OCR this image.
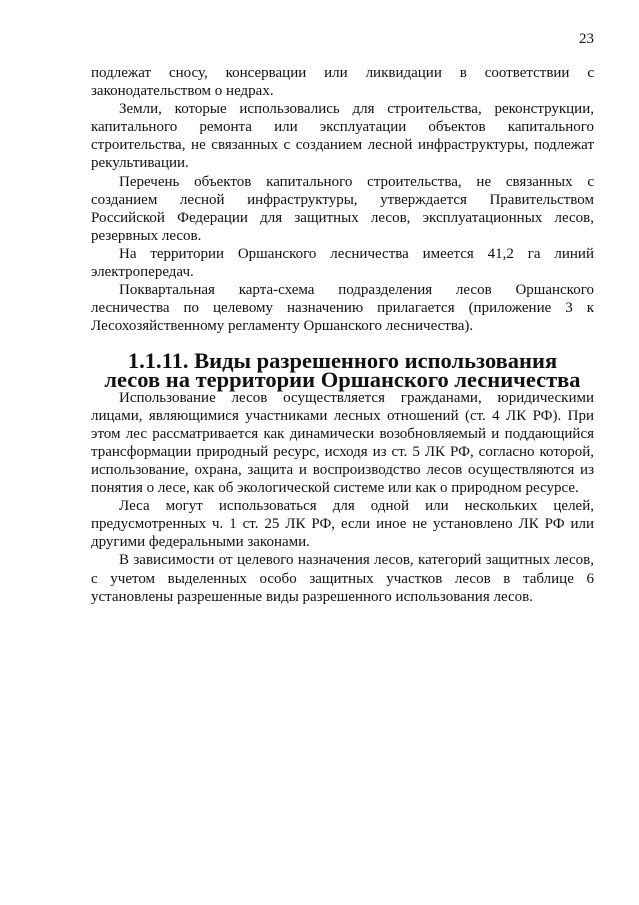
23

подлежат сносу, консервации или ликвидации в соответствии с законодательством о недрах.

Земли, которые использовались для строительства, реконструкции, капитального ремонта или эксплуатации объектов капитального строительства, не связанных с созданием лесной инфраструктуры, подлежат рекультивации.

Перечень объектов капитального строительства, не связанных с созданием лесной инфраструктуры, утверждается Правительством Российской Федерации для защитных лесов, эксплуатационных лесов, резервных лесов.

На территории Оршанского лесничества имеется 41,2 га линий электропередач.

Поквартальная карта-схема подразделения лесов Оршанского лесничества по целевому назначению прилагается (приложение 3 к Лесохозяйственному регламенту Оршанского лесничества).

1.1.11. Виды разрешенного использования
лесов на территории Оршанского лесничества

Использование лесов осуществляется гражданами, юридическими лицами, являющимися участниками лесных отношений (ст. 4 ЛК РФ). При этом лес рассматривается как динамически возобновляемый и поддающийся трансформации природный ресурс, исходя из ст. 5 ЛК РФ, согласно которой, использование, охрана, защита и воспроизводство лесов осуществляются из понятия о лесе, как об экологической системе или как о природном ресурсе.

Леса могут использоваться для одной или нескольких целей, предусмотренных ч. 1 ст. 25 ЛК РФ, если иное не установлено ЛК РФ или другими федеральными законами.

В зависимости от целевого назначения лесов, категорий защитных лесов, с учетом выделенных особо защитных участков лесов в таблице 6 установлены разрешенные виды разрешенного использования лесов.
